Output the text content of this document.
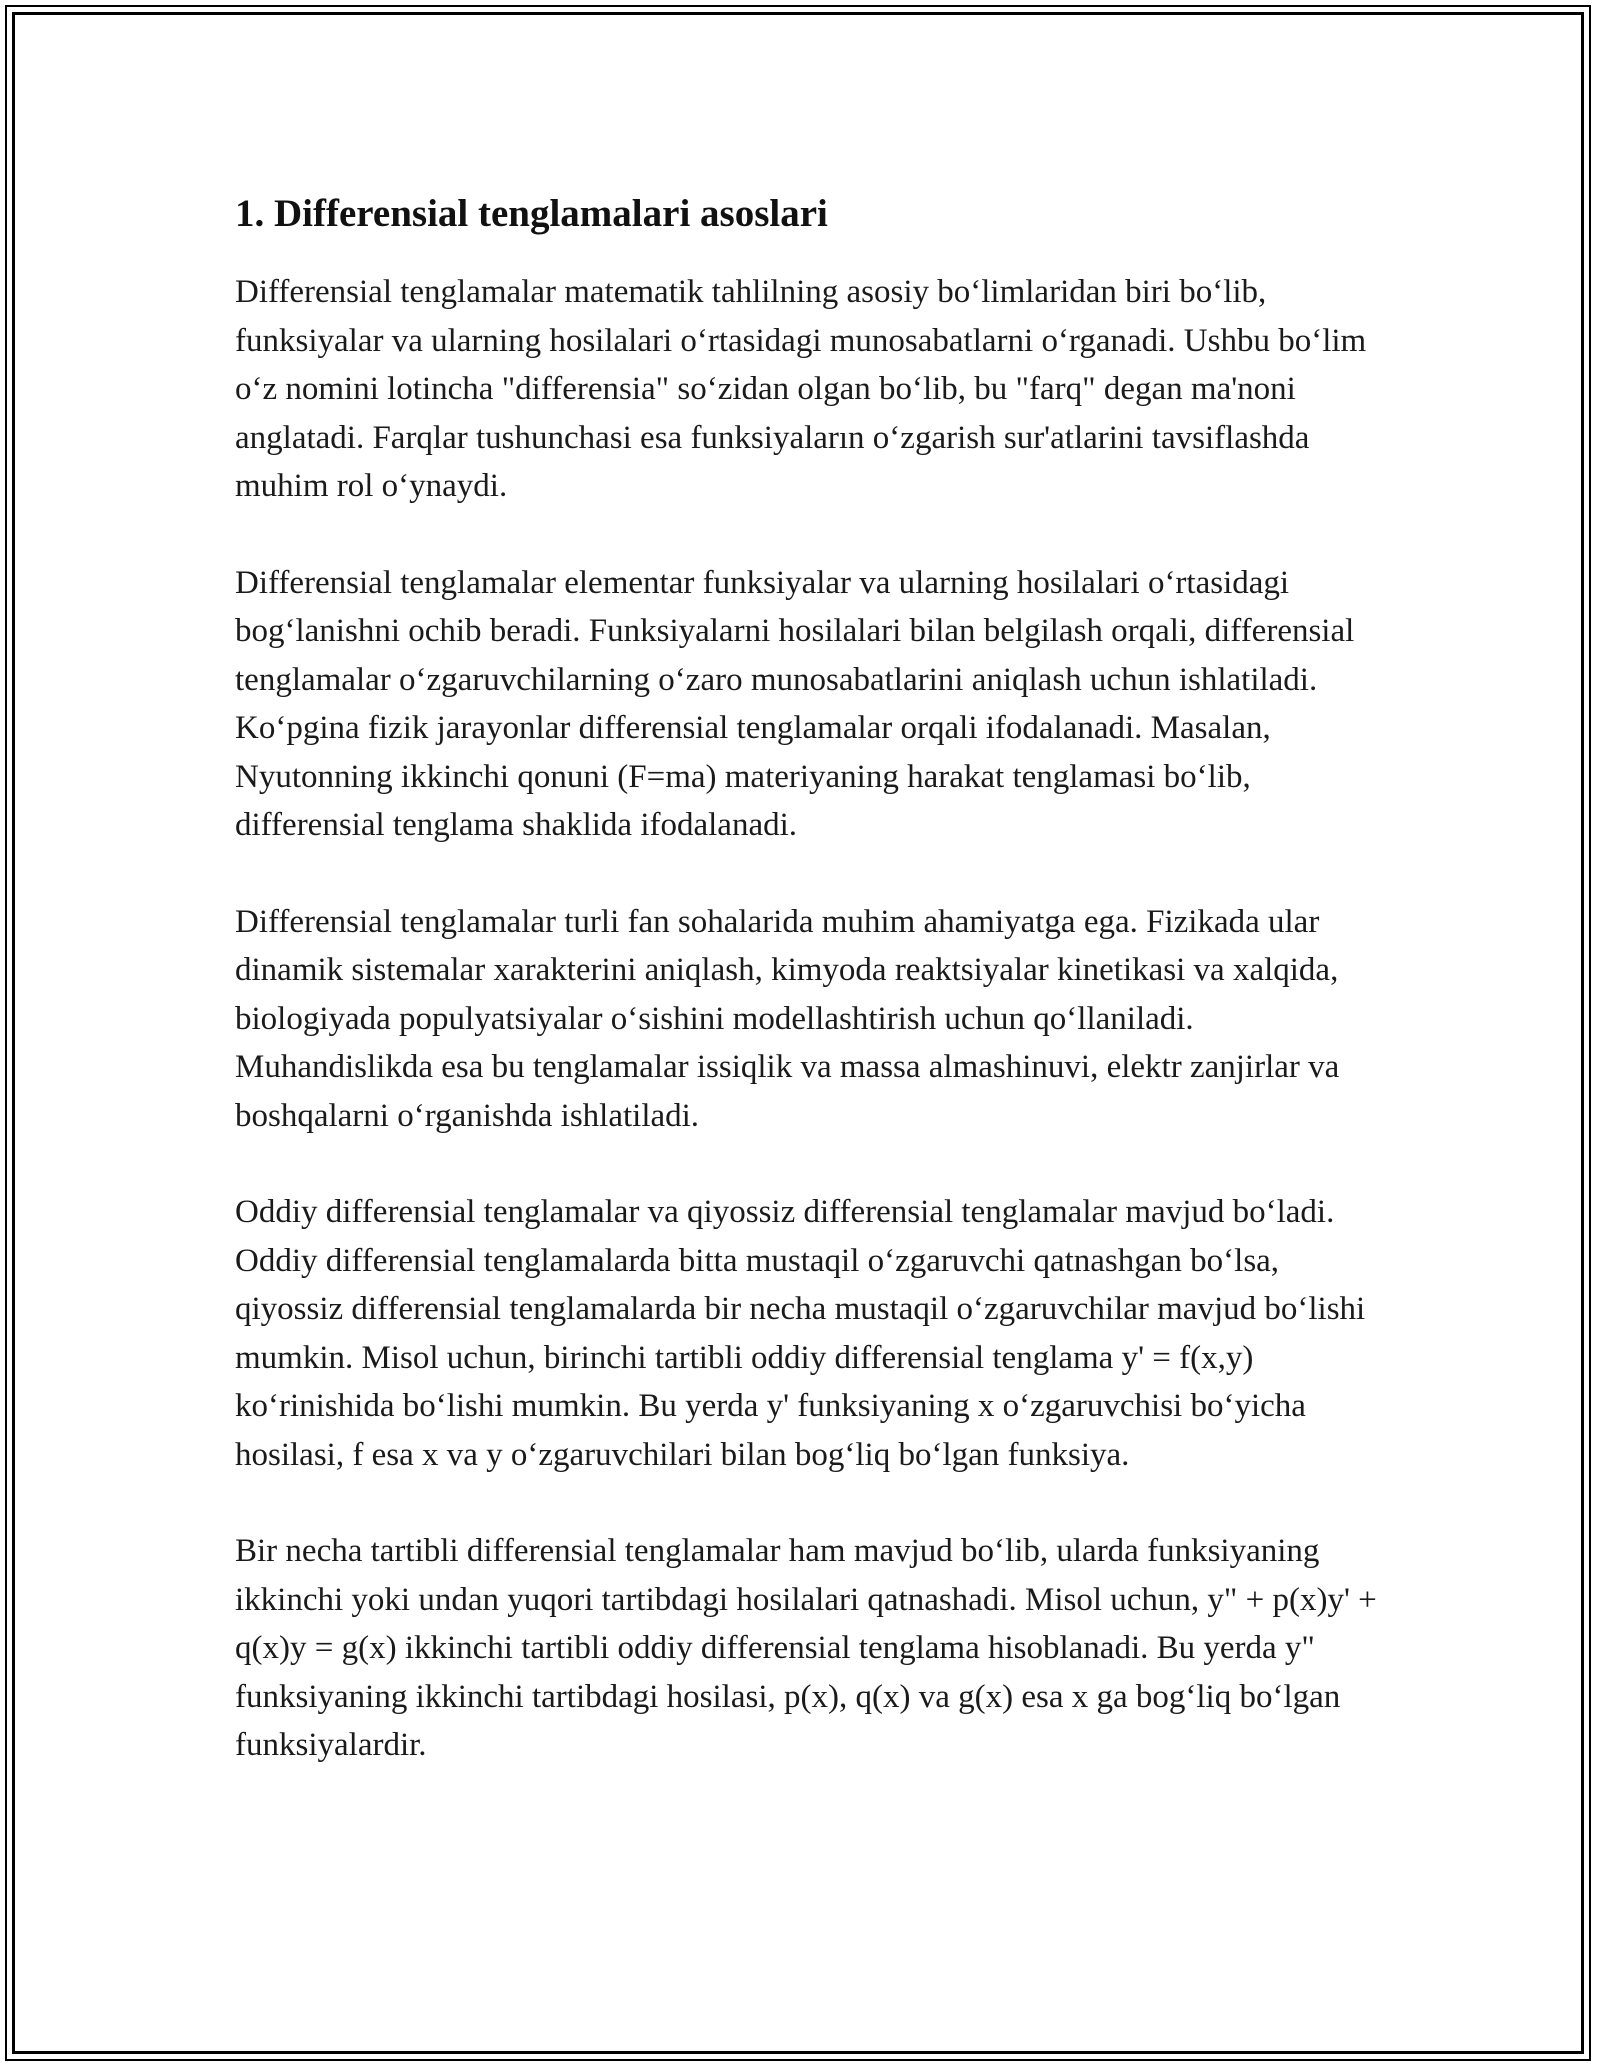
1. Differensial tenglamalari asoslari

Differensial tenglamalar matematik tahlilning asosiy bo‘limlaridan biri bo‘lib, funksiyalar va ularning hosilalari o‘rtasidagi munosabatlarni o‘rganadi. Ushbu bo‘lim o‘z nomini lotincha "differensia" so‘zidan olgan bo‘lib, bu "farq" degan ma'noni anglatadi. Farqlar tushunchasi esa funksiyaların o‘zgarish sur'atlarini tavsiflashda muhim rol o‘ynaydi.

Differensial tenglamalar elementar funksiyalar va ularning hosilalari o‘rtasidagi bog‘lanishni ochib beradi. Funksiyalarni hosilalari bilan belgilash orqali, differensial tenglamalar o‘zgaruvchilarning o‘zaro munosabatlarini aniqlash uchun ishlatiladi. Ko‘pgina fizik jarayonlar differensial tenglamalar orqali ifodalanadi. Masalan, Nyutonning ikkinchi qonuni (F=ma) materiyaning harakat tenglamasi bo‘lib, differensial tenglama shaklida ifodalanadi.

Differensial tenglamalar turli fan sohalarida muhim ahamiyatga ega. Fizikada ular dinamik sistemalar xarakterini aniqlash, kimyoda reaktsiyalar kinetikasi va xalqida, biologiyada populyatsiyalar o‘sishini modellashtirish uchun qo‘llaniladi. Muhandislikda esa bu tenglamalar issiqlik va massa almashinuvi, elektr zanjirlar va boshqalarni o‘rganishda ishlatiladi.

Oddiy differensial tenglamalar va qiyossiz differensial tenglamalar mavjud bo‘ladi. Oddiy differensial tenglamalarda bitta mustaqil o‘zgaruvchi qatnashgan bo‘lsa, qiyossiz differensial tenglamalarda bir necha mustaqil o‘zgaruvchilar mavjud bo‘lishi mumkin. Misol uchun, birinchi tartibli oddiy differensial tenglama y' = f(x,y) ko‘rinishida bo‘lishi mumkin. Bu yerda y' funksiyaning x o‘zgaruvchisi bo‘yicha hosilasi, f esa x va y o‘zgaruvchilari bilan bog‘liq bo‘lgan funksiya.

Bir necha tartibli differensial tenglamalar ham mavjud bo‘lib, ularda funksiyaning ikkinchi yoki undan yuqori tartibdagi hosilalari qatnashadi. Misol uchun, y" + p(x)y' + q(x)y = g(x) ikkinchi tartibli oddiy differensial tenglama hisoblanadi. Bu yerda y" funksiyaning ikkinchi tartibdagi hosilasi, p(x), q(x) va g(x) esa x ga bog‘liq bo‘lgan funksiyalardir.
